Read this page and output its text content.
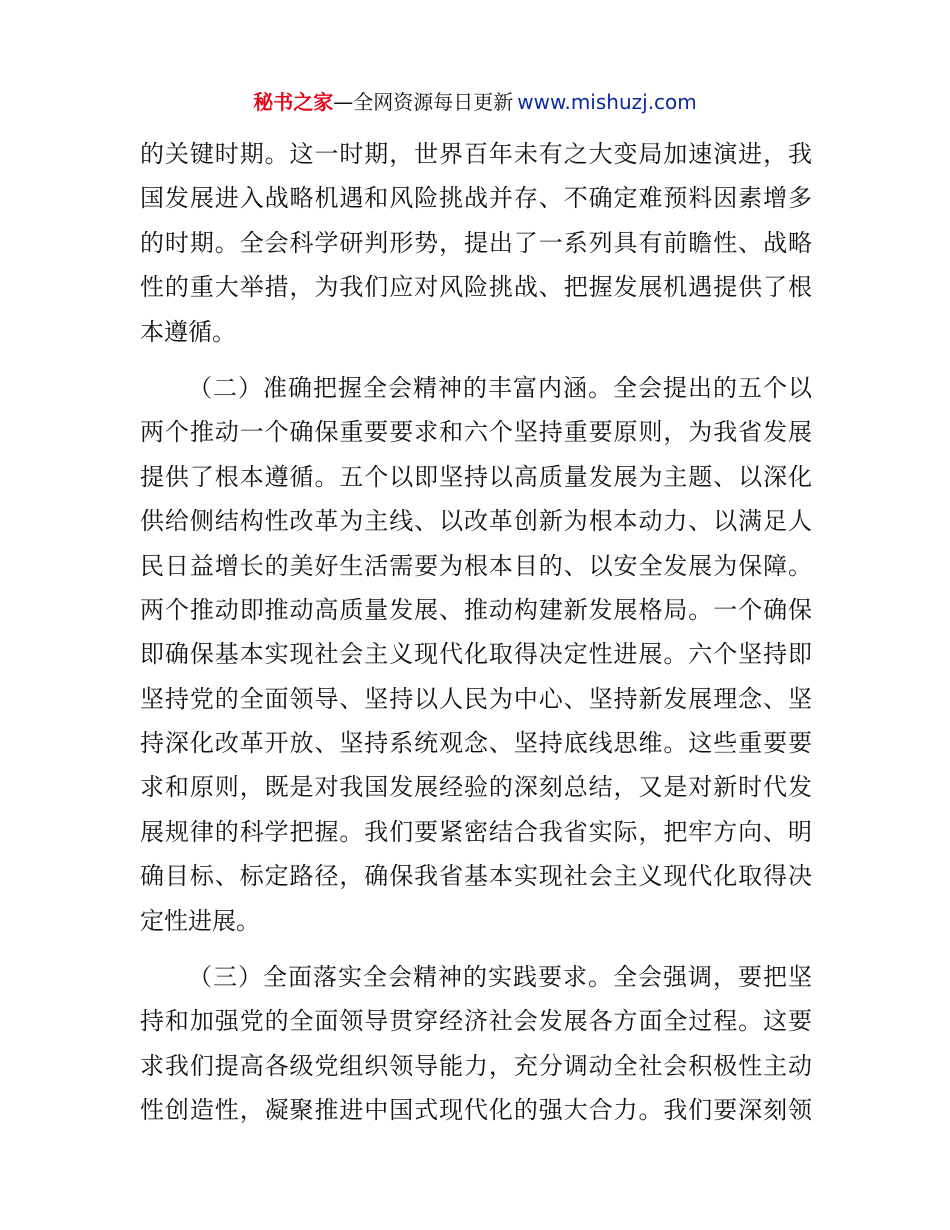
秘书之家—全网资源每日更新 www.mishuzj.com

的关键时期。这一时期，世界百年未有之大变局加速演进，我
国发展进入战略机遇和风险挑战并存、不确定难预料因素增多
的时期。全会科学研判形势，提出了一系列具有前瞻性、战略
性的重大举措，为我们应对风险挑战、把握发展机遇提供了根
本遵循。

（二）准确把握全会精神的丰富内涵。全会提出的五个以
两个推动一个确保重要要求和六个坚持重要原则，为我省发展
提供了根本遵循。五个以即坚持以高质量发展为主题、以深化
供给侧结构性改革为主线、以改革创新为根本动力、以满足人
民日益增长的美好生活需要为根本目的、以安全发展为保障。
两个推动即推动高质量发展、推动构建新发展格局。一个确保
即确保基本实现社会主义现代化取得决定性进展。六个坚持即
坚持党的全面领导、坚持以人民为中心、坚持新发展理念、坚
持深化改革开放、坚持系统观念、坚持底线思维。这些重要要
求和原则，既是对我国发展经验的深刻总结，又是对新时代发
展规律的科学把握。我们要紧密结合我省实际，把牢方向、明
确目标、标定路径，确保我省基本实现社会主义现代化取得决
定性进展。

（三）全面落实全会精神的实践要求。全会强调，要把坚
持和加强党的全面领导贯穿经济社会发展各方面全过程。这要
求我们提高各级党组织领导能力，充分调动全社会积极性主动
性创造性，凝聚推进中国式现代化的强大合力。我们要深刻领
